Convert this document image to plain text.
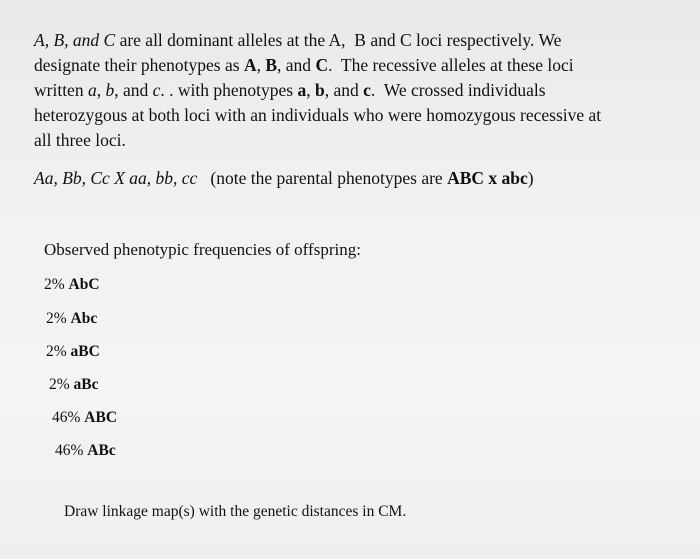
A, B, and C are all dominant alleles at the A,  B and C loci respectively. We
designate their phenotypes as A, B, and C.  The recessive alleles at these loci
written a, b, and c. . with phenotypes a, b, and c.  We crossed individuals
heterozygous at both loci with an individuals who were homozygous recessive at
all three loci.
Aa, Bb, Cc X aa, bb, cc (note the parental phenotypes are ABC x abc)
Observed phenotypic frequencies of offspring:
2% AbC
2% Abc
2% aBC
2% aBc
46% ABC
46% ABc
Draw linkage map(s) with the genetic distances in CM.
